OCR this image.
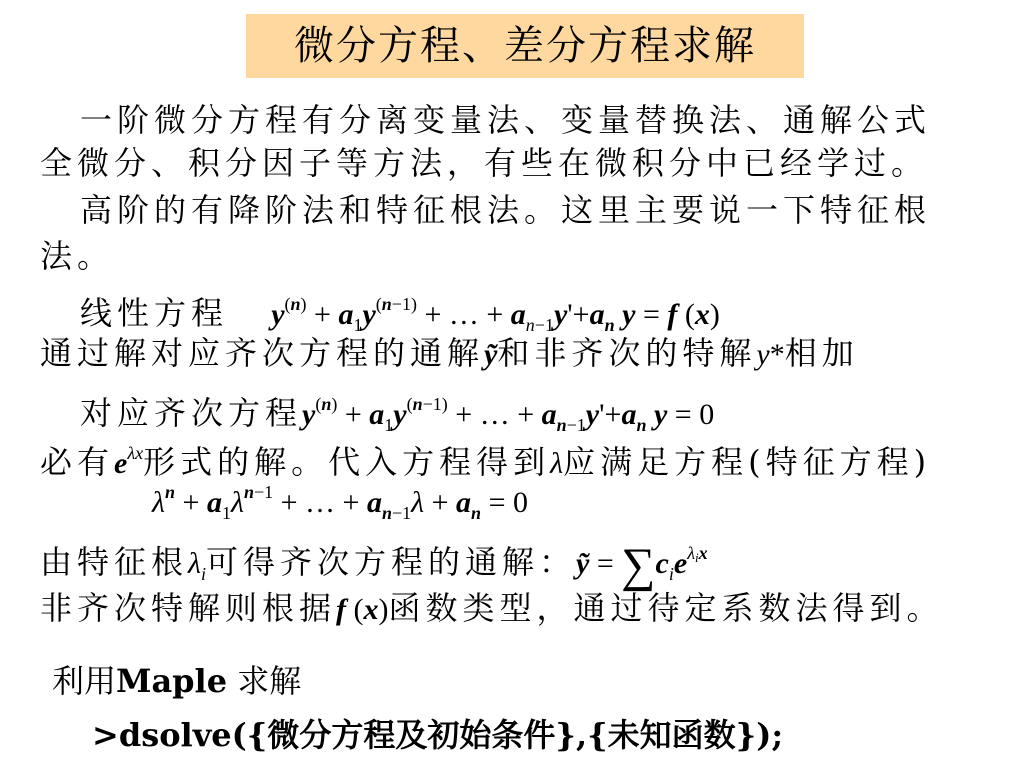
微分方程、差分方程求解
一阶微分方程有分离变量法、变量替换法、通解公式
全微分、积分因子等方法，有些在微积分中已经学过。
高阶的有降阶法和特征根法。这里主要说一下特征根
法。
线性方程 $y^{(n)} + a_1y^{(n-1)}$ + … + $a_{n-1}y'+a_n$ y = f (x)
通过解对应齐次方程的通解ỹ和非齐次的特解y*相加
对应齐次方程$y^{(n)} + a_1y^{(n-1)}$ + … + $a_{n-1}y'+a_n$ y = 0
必有$e^{\lambda x}$形式的解。代入方程得到λ应满足方程(特征方程)
$\lambda^n + a_1\lambda^{n-1}$ + … + $a_{n-1}\lambda + a_n = 0$
由特征根$\lambda_i$可得齐次方程的通解：ỹ = $\sum c_ie^{\lambda_ix}$
非齐次特解则根据f (x)函数类型，通过待定系数法得到。
利用Maple 求解
>dsolve({微分方程及初始条件},{未知函数});
